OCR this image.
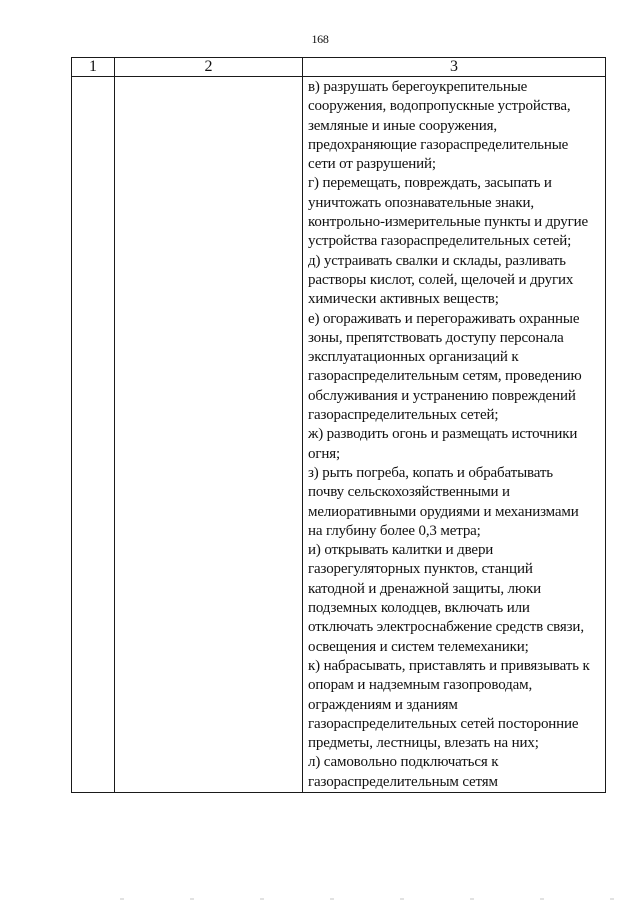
168
1	2	3

в) разрушать берегоукрепительные
сооружения, водопропускные устройства,
земляные и иные сооружения,
предохраняющие газораспределительные
сети от разрушений;
г) перемещать, повреждать, засыпать и
уничтожать опознавательные знаки,
контрольно-измерительные пункты и другие
устройства газораспределительных сетей;
д) устраивать свалки и склады, разливать
растворы кислот, солей, щелочей и других
химически активных веществ;
е) огораживать и перегораживать охранные
зоны, препятствовать доступу персонала
эксплуатационных организаций к
газораспределительным сетям, проведению
обслуживания и устранению повреждений
газораспределительных сетей;
ж) разводить огонь и размещать источники
огня;
з) рыть погреба, копать и обрабатывать
почву сельскохозяйственными и
мелиоративными орудиями и механизмами
на глубину более 0,3 метра;
и) открывать калитки и двери
газорегуляторных пунктов, станций
катодной и дренажной защиты, люки
подземных колодцев, включать или
отключать электроснабжение средств связи,
освещения и систем телемеханики;
к) набрасывать, приставлять и привязывать к
опорам и надземным газопроводам,
ограждениям и зданиям
газораспределительных сетей посторонние
предметы, лестницы, влезать на них;
л) самовольно подключаться к
газораспределительным сетям
